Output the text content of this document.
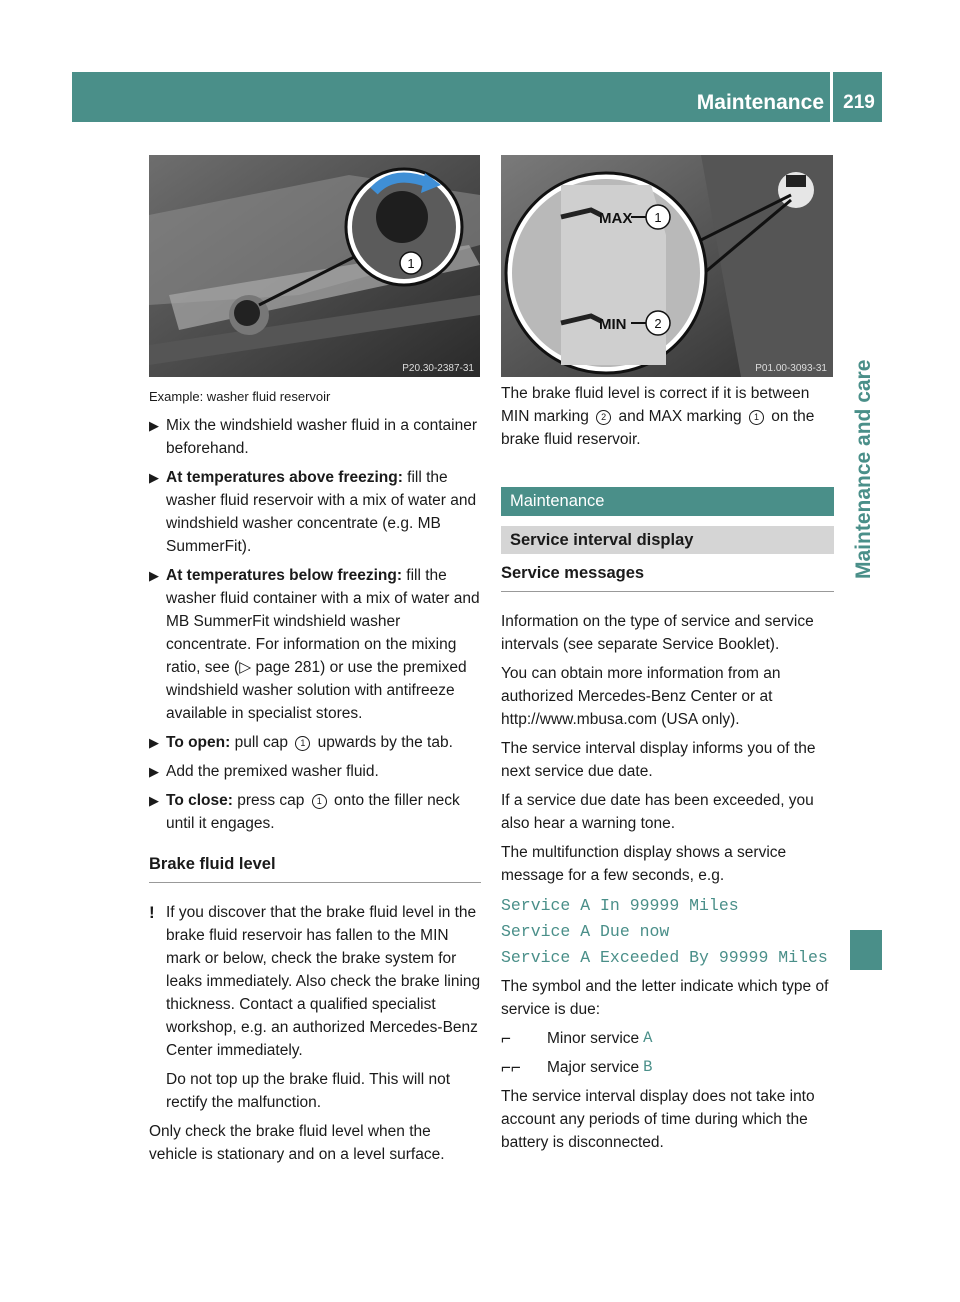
Maintenance	219
Maintenance and care
1
P20.30-2387-31
MAX 1
MIN 2
P01.00-3093-31
Example: washer fluid reservoir
▶ Mix the windshield washer fluid in a container beforehand.
▶ At temperatures above freezing: fill the washer fluid reservoir with a mix of water and windshield washer concentrate (e.g. MB SummerFit).
▶ At temperatures below freezing: fill the washer fluid container with a mix of water and MB SummerFit windshield washer concentrate. For information on the mixing ratio, see (▷ page 281) or use the premixed windshield washer solution with antifreeze available in specialist stores.
▶ To open: pull cap 1 upwards by the tab.
▶ Add the premixed washer fluid.
▶ To close: press cap 1 onto the filler neck until it engages.
Brake fluid level
! If you discover that the brake fluid level in the brake fluid reservoir has fallen to the MIN mark or below, check the brake system for leaks immediately. Also check the brake lining thickness. Contact a qualified specialist workshop, e.g. an authorized Mercedes-Benz Center immediately.

Do not top up the brake fluid. This will not rectify the malfunction.

Only check the brake fluid level when the vehicle is stationary and on a level surface.

The brake fluid level is correct if it is between MIN marking 2 and MAX marking 1 on the brake fluid reservoir.

Maintenance
Service interval display
Service messages

Information on the type of service and service intervals (see separate Service Booklet).

You can obtain more information from an authorized Mercedes-Benz Center or at http://www.mbusa.com (USA only).

The service interval display informs you of the next service due date.

If a service due date has been exceeded, you also hear a warning tone.

The multifunction display shows a service message for a few seconds, e.g.

Service A In 99999 Miles
Service A Due now
Service A Exceeded By 99999 Miles

The symbol and the letter indicate which type of service is due:

⌐	Minor service A
⌐⌐	Major service B

The service interval display does not take into account any periods of time during which the battery is disconnected.
